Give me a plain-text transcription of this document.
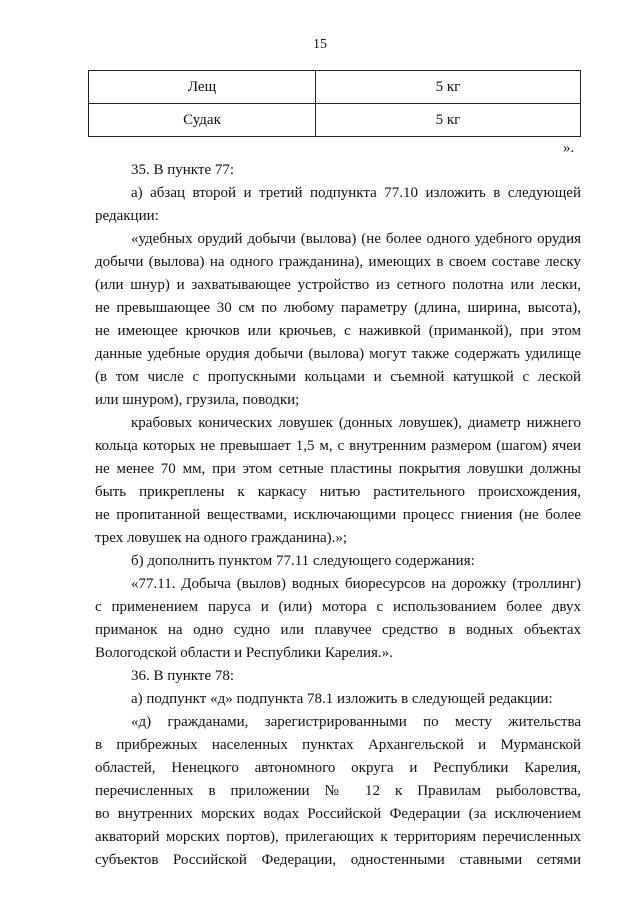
15
Лещ	5 кг
Судак	5 кг
».
35. В пункте 77:
а) абзац второй и третий подпункта 77.10 изложить в следующей
редакции:
«удебных орудий добычи (вылова) (не более одного удебного орудия
добычи (вылова) на одного гражданина), имеющих в своем составе леску
(или шнур) и захватывающее устройство из сетного полотна или лески,
не превышающее 30 см по любому параметру (длина, ширина, высота),
не имеющее крючков или крючьев, с наживкой (приманкой), при этом
данные удебные орудия добычи (вылова) могут также содержать удилище
(в том числе с пропускными кольцами и съемной катушкой с леской
или шнуром), грузила, поводки;
крабовых конических ловушек (донных ловушек), диаметр нижнего
кольца которых не превышает 1,5 м, с внутренним размером (шагом) ячеи
не менее 70 мм, при этом сетные пластины покрытия ловушки должны
быть прикреплены к каркасу нитью растительного происхождения,
не пропитанной веществами, исключающими процесс гниения (не более
трех ловушек на одного гражданина).»;
б) дополнить пунктом 77.11 следующего содержания:
«77.11. Добыча (вылов) водных биоресурсов на дорожку (троллинг)
с применением паруса и (или) мотора с использованием более двух
приманок на одно судно или плавучее средство в водных объектах
Вологодской области и Республики Карелия.».
36. В пункте 78:
а) подпункт «д» подпункта 78.1 изложить в следующей редакции:
«д) гражданами, зарегистрированными по месту жительства
в прибрежных населенных пунктах Архангельской и Мурманской
областей, Ненецкого автономного округа и Республики Карелия,
перечисленных в приложении № 12 к Правилам рыболовства,
во внутренних морских водах Российской Федерации (за исключением
акваторий морских портов), прилегающих к территориям перечисленных
субъектов Российской Федерации, одностенными ставными сетями
